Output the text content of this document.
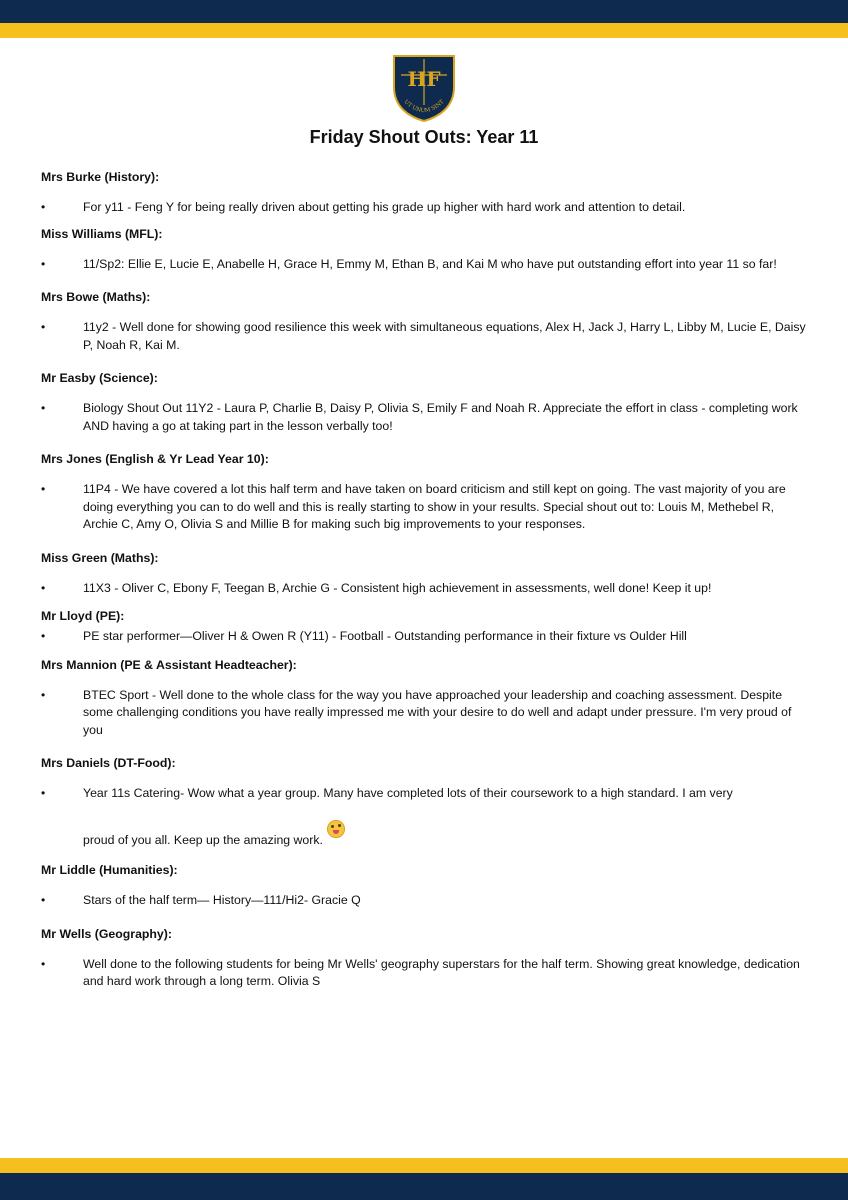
HF
UT UNUM SINT
Friday Shout Outs: Year 11

Mrs Burke (History):

• For y11 - Feng Y for being really driven about getting his grade up higher with hard work and attention to detail.

Miss Williams (MFL):

• 11/Sp2: Ellie E, Lucie E, Anabelle H, Grace H, Emmy M, Ethan B, and Kai M who have put outstanding effort into year 11 so far!

Mrs Bowe (Maths):

• 11y2 - Well done for showing good resilience this week with simultaneous equations, Alex H, Jack J, Harry L, Libby M, Lucie E, Daisy P, Noah R, Kai M.

Mr Easby (Science):

• Biology Shout Out 11Y2 - Laura P, Charlie B, Daisy P, Olivia S, Emily F and Noah R. Appreciate the effort in class - completing work AND having a go at taking part in the lesson verbally too!

Mrs Jones (English & Yr Lead Year 10):

• 11P4 - We have covered a lot this half term and have taken on board criticism and still kept on going. The vast majority of you are doing everything you can to do well and this is really starting to show in your results. Special shout out to: Louis M, Methebel R, Archie C, Amy O, Olivia S and Millie B for making such big improvements to your responses.

Miss Green (Maths):

• 11X3 - Oliver C, Ebony F, Teegan B, Archie G - Consistent high achievement in assessments, well done! Keep it up!

Mr Lloyd (PE):

• PE star performer—Oliver H & Owen R (Y11) - Football - Outstanding performance in their fixture vs Oulder Hill

Mrs Mannion (PE & Assistant Headteacher):

• BTEC Sport - Well done to the whole class for the way you have approached your leadership and coaching assessment. Despite some challenging conditions you have really impressed me with your desire to do well and adapt under pressure. I'm very proud of you

Mrs Daniels (DT-Food):

• Year 11s Catering- Wow what a year group. Many have completed lots of their coursework to a high standard. I am very
proud of you all. Keep up the amazing work.

Mr Liddle (Humanities):

• Stars of the half term— History—111/Hi2- Gracie Q

Mr Wells (Geography):

• Well done to the following students for being Mr Wells' geography superstars for the half term. Showing great knowledge, dedication and hard work through a long term. Olivia S
